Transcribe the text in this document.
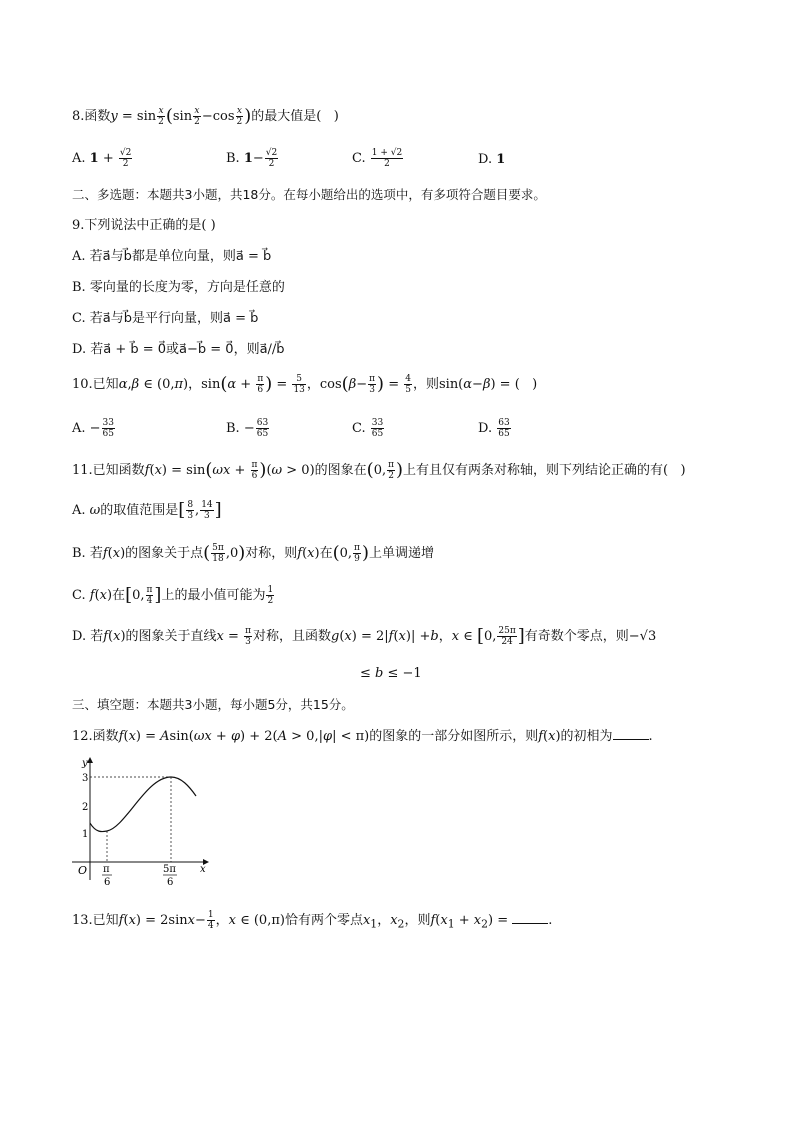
8.函数$y = \sin \frac{x}{2} (\sin \frac{x}{2} -\cos \frac{x}{2}$ )的最大值是(   )
A. $1 + \frac{√2}{2}$	B. $1- \frac{√2}{2}$	C. $\frac{1 + √2}{2}$	D. 1
二、多选题：本题共3小题，共18分。在每小题给出的选项中，有多项符合题目要求。
9.下列说法中正确的是( )
A. 若a⃗与b⃗都是单位向量，则a⃗ = b⃗
B. 零向量的长度为零，方向是任意的
C. 若a⃗与b⃗是平行向量，则a⃗ = b⃗
D. 若a⃗ + b⃗ = 0⃗或a⃗−b⃗ = 0⃗，则a⃗//b⃗
10.已知α,β ∈ (0,π)，$\sin(\alpha + \frac{\pi}{6}$ ) = $\frac{5}{13}$ ，$\cos(\beta- \frac{\pi}{3}$ ) = $\frac{4}{5}$ ，则sin(α−β) = (   )
A. − $\frac{33}{65}$	B. − $\frac{63}{65}$	C. $\frac{33}{65}$	D. $\frac{63}{65}$
11.已知函数$f(x) = \sin(\omega x + \frac{\pi}{6} )(\omega > 0)$的图象在(0, $\frac{\pi}{2}$ )上有且仅有两条对称轴，则下列结论正确的有(   )
A. ω的取值范围是[ $\frac{8}{3}$ , $\frac{14}{3}$ ]
B. 若f(x)的图象关于点( $\frac{5\pi}{18} ,0$)对称，则f(x)在(0, $\frac{\pi}{9}$ )上单调递增
C. f(x)在[0, $\frac{\pi}{4}$ ]上的最小值可能为 $\frac{1}{2}$
D. 若f(x)的图象关于直线$x = \frac{\pi}{3}$ 对称，且函数g(x) = 2|f(x)| +b，x ∈ [0, $\frac{25\pi}{24}$ ]有奇数个零点，则−√3
≤ b ≤ −1
三、填空题：本题共3小题，每小题5分，共15分。
12.函数f(x) = Asin(ωx + φ) + 2(A > 0,|φ| < π)的图象的一部分如图所示，则f(x)的初相为	.
y
x
O
1
2
3
π
6
5π
6
13.已知$f(x) = 2\sin x- \frac{1}{4}$ ，x ∈ (0,π)恰有两个零点$x_1$，$x_2$，则$f(x_1 + x_2)$ =	.
